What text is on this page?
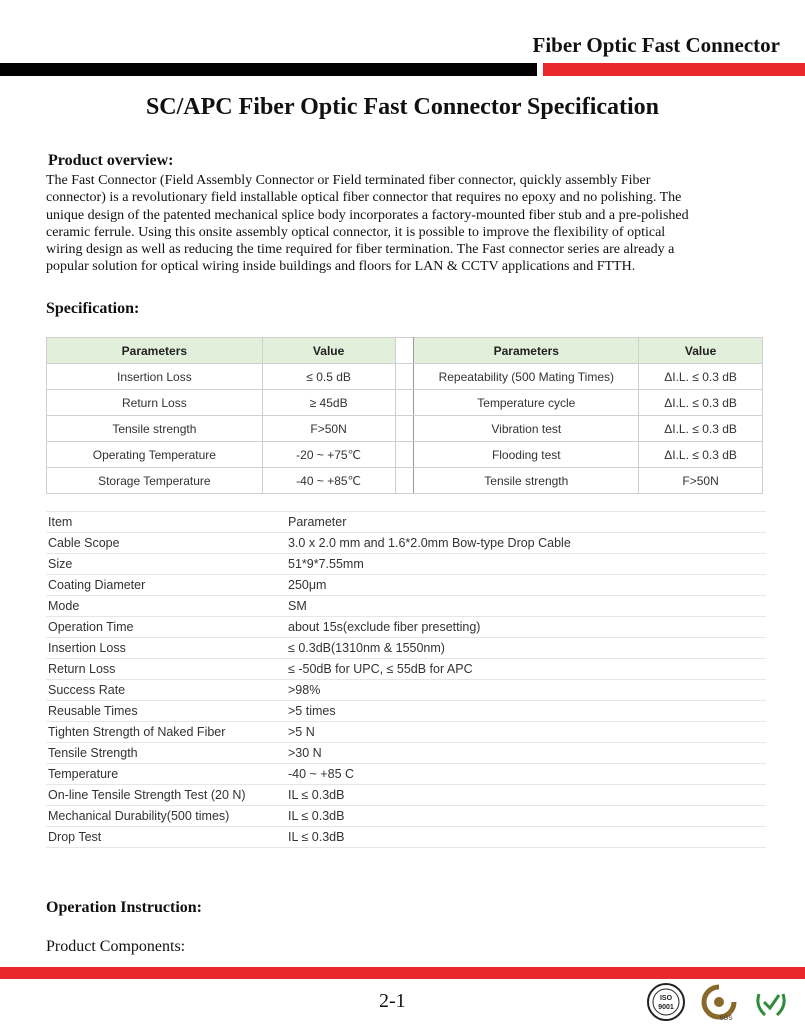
Fiber Optic Fast Connector
SC/APC Fiber Optic Fast Connector Specification
Product overview:
The Fast Connector (Field Assembly Connector or Field terminated fiber connector, quickly assembly Fiber
connector) is a revolutionary field installable optical fiber connector that requires no epoxy and no polishing. The
unique design of the patented mechanical splice body incorporates a factory-mounted fiber stub and a pre-polished
ceramic ferrule. Using this onsite assembly optical connector, it is possible to improve the flexibility of optical
wiring design as well as reducing the time required for fiber termination. The Fast connector series are already a
popular solution for optical wiring inside buildings and floors for LAN & CCTV applications and FTTH.
Specification:
Parameters	Value		Parameters	Value
Insertion Loss	≤ 0.5 dB		Repeatability (500 Mating Times)	ΔI.L. ≤ 0.3 dB
Return Loss	≥ 45dB		Temperature cycle	ΔI.L. ≤ 0.3 dB
Tensile strength	F>50N		Vibration test	ΔI.L. ≤ 0.3 dB
Operating Temperature	-20 ~ +75℃		Flooding test	ΔI.L. ≤ 0.3 dB
Storage Temperature	-40 ~ +85℃		Tensile strength	F>50N
Item	Parameter
Cable Scope	3.0 x 2.0 mm and 1.6*2.0mm Bow-type Drop Cable
Size	51*9*7.55mm
Coating Diameter	250μm
Mode	SM
Operation Time	about 15s(exclude fiber presetting)
Insertion Loss	≤ 0.3dB(1310nm & 1550nm)
Return Loss	≤ -50dB for UPC, ≤ 55dB for APC
Success Rate	>98%
Reusable Times	>5 times
Tighten Strength of Naked Fiber	>5 N
Tensile Strength	>30 N
Temperature	-40 ~ +85 C
On-line Tensile Strength Test (20 N)	IL ≤ 0.3dB
Mechanical Durability(500 times)	IL ≤ 0.3dB
Drop Test	IL ≤ 0.3dB
Operation Instruction:
Product Components:
2-1	ISO
9001
SGS
